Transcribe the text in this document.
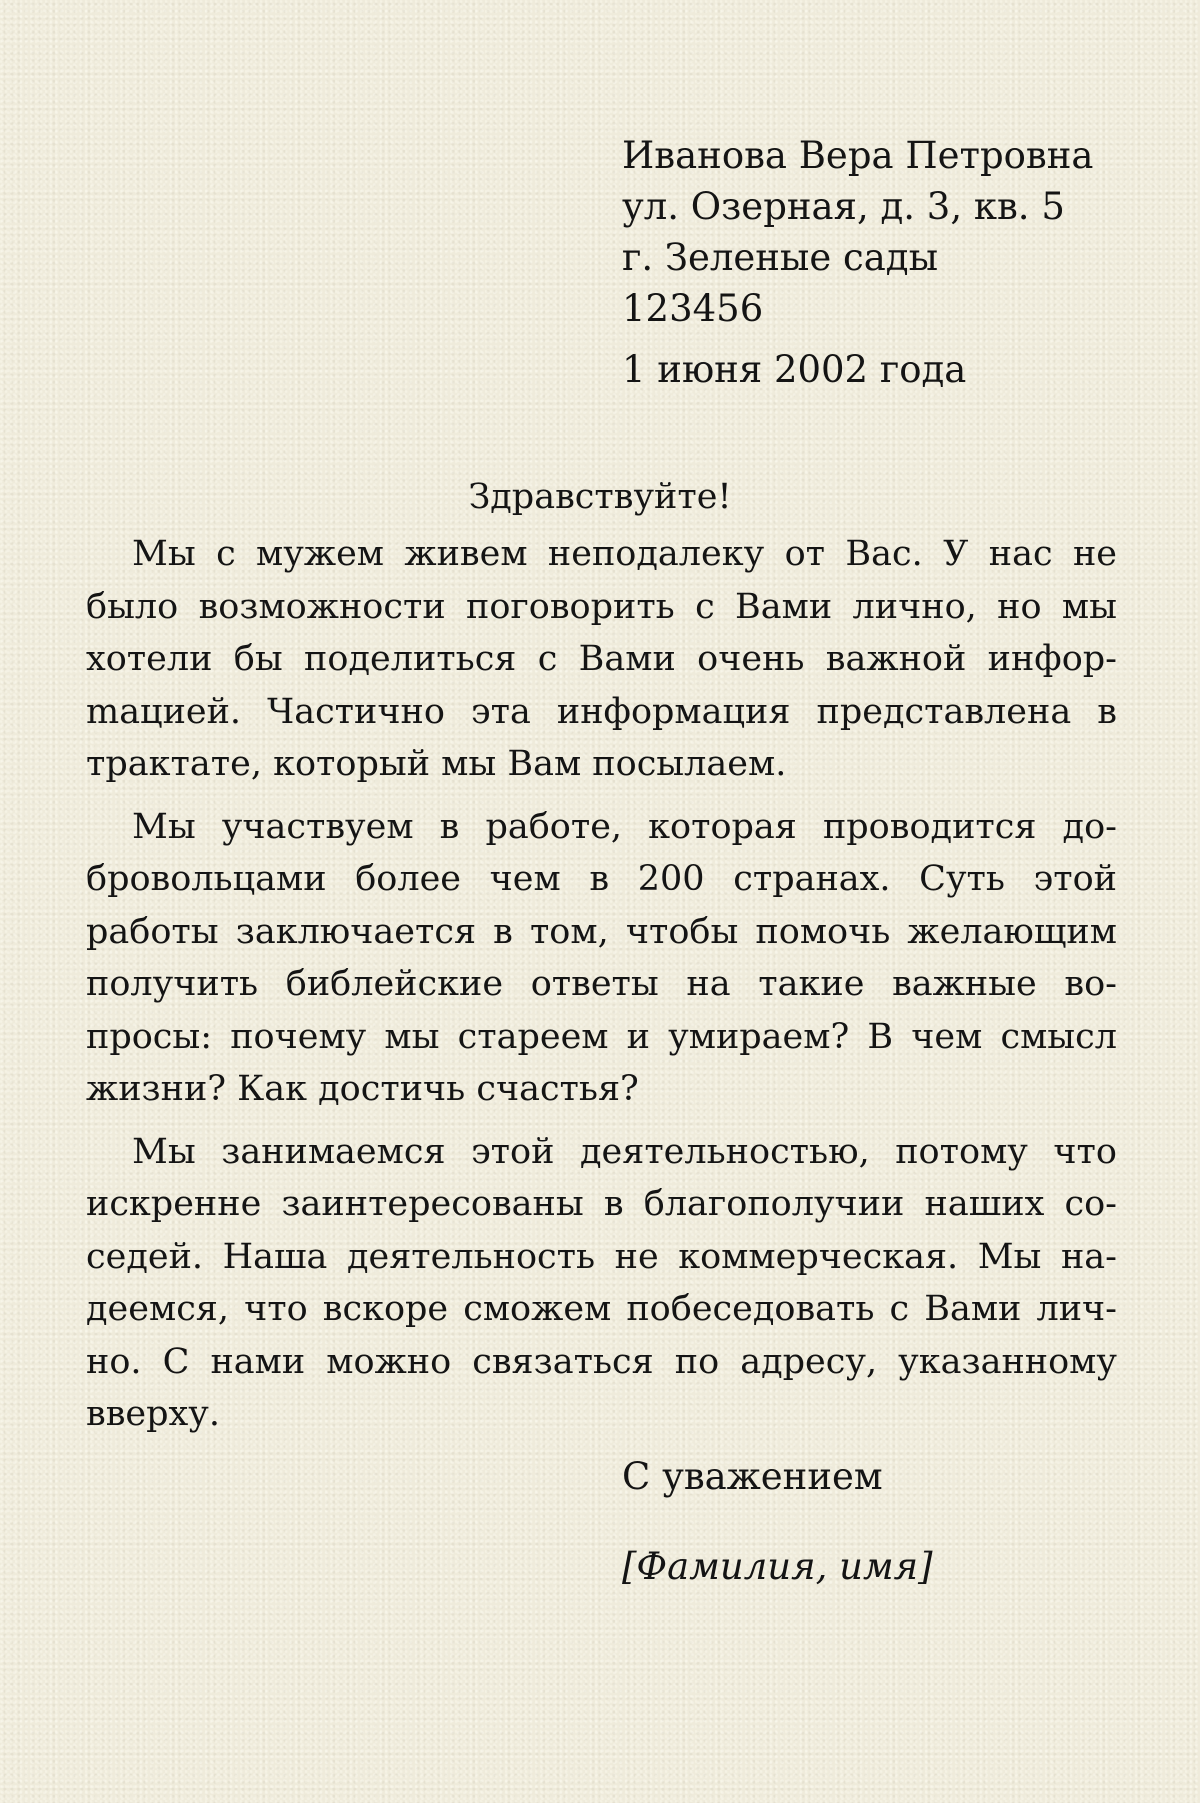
Иванова Вера Петровна
ул. Озерная, д. 3, кв. 5
г. Зеленые сады
123456
1 июня 2002 года
Здравствуйте!

Мы с мужем живем неподалеку от Вас. У нас не было возможности поговорить с Вами лично, но мы хотели бы поделиться с Вами очень важной инфорmацией. Частично эта информация представлена в трактате, который мы Вам посылаем.

Мы участвуем в работе, которая проводится добровольцами более чем в 200 странах. Суть этой работы заключается в том, чтобы помочь желающим получить библейские ответы на такие важные вопросы: почему мы стареем и умираем? В чем смысл жизни? Как достичь счастья?

Мы занимаемся этой деятельностью, потому что искренне заинтересованы в благополучии наших соседей. Наша деятельность не коммерческая. Мы надеемся, что вскоре сможем побеседовать с Вами лично. С нами можно связаться по адресу, указанному вверху.

С уважением
[Фамилия, имя]
